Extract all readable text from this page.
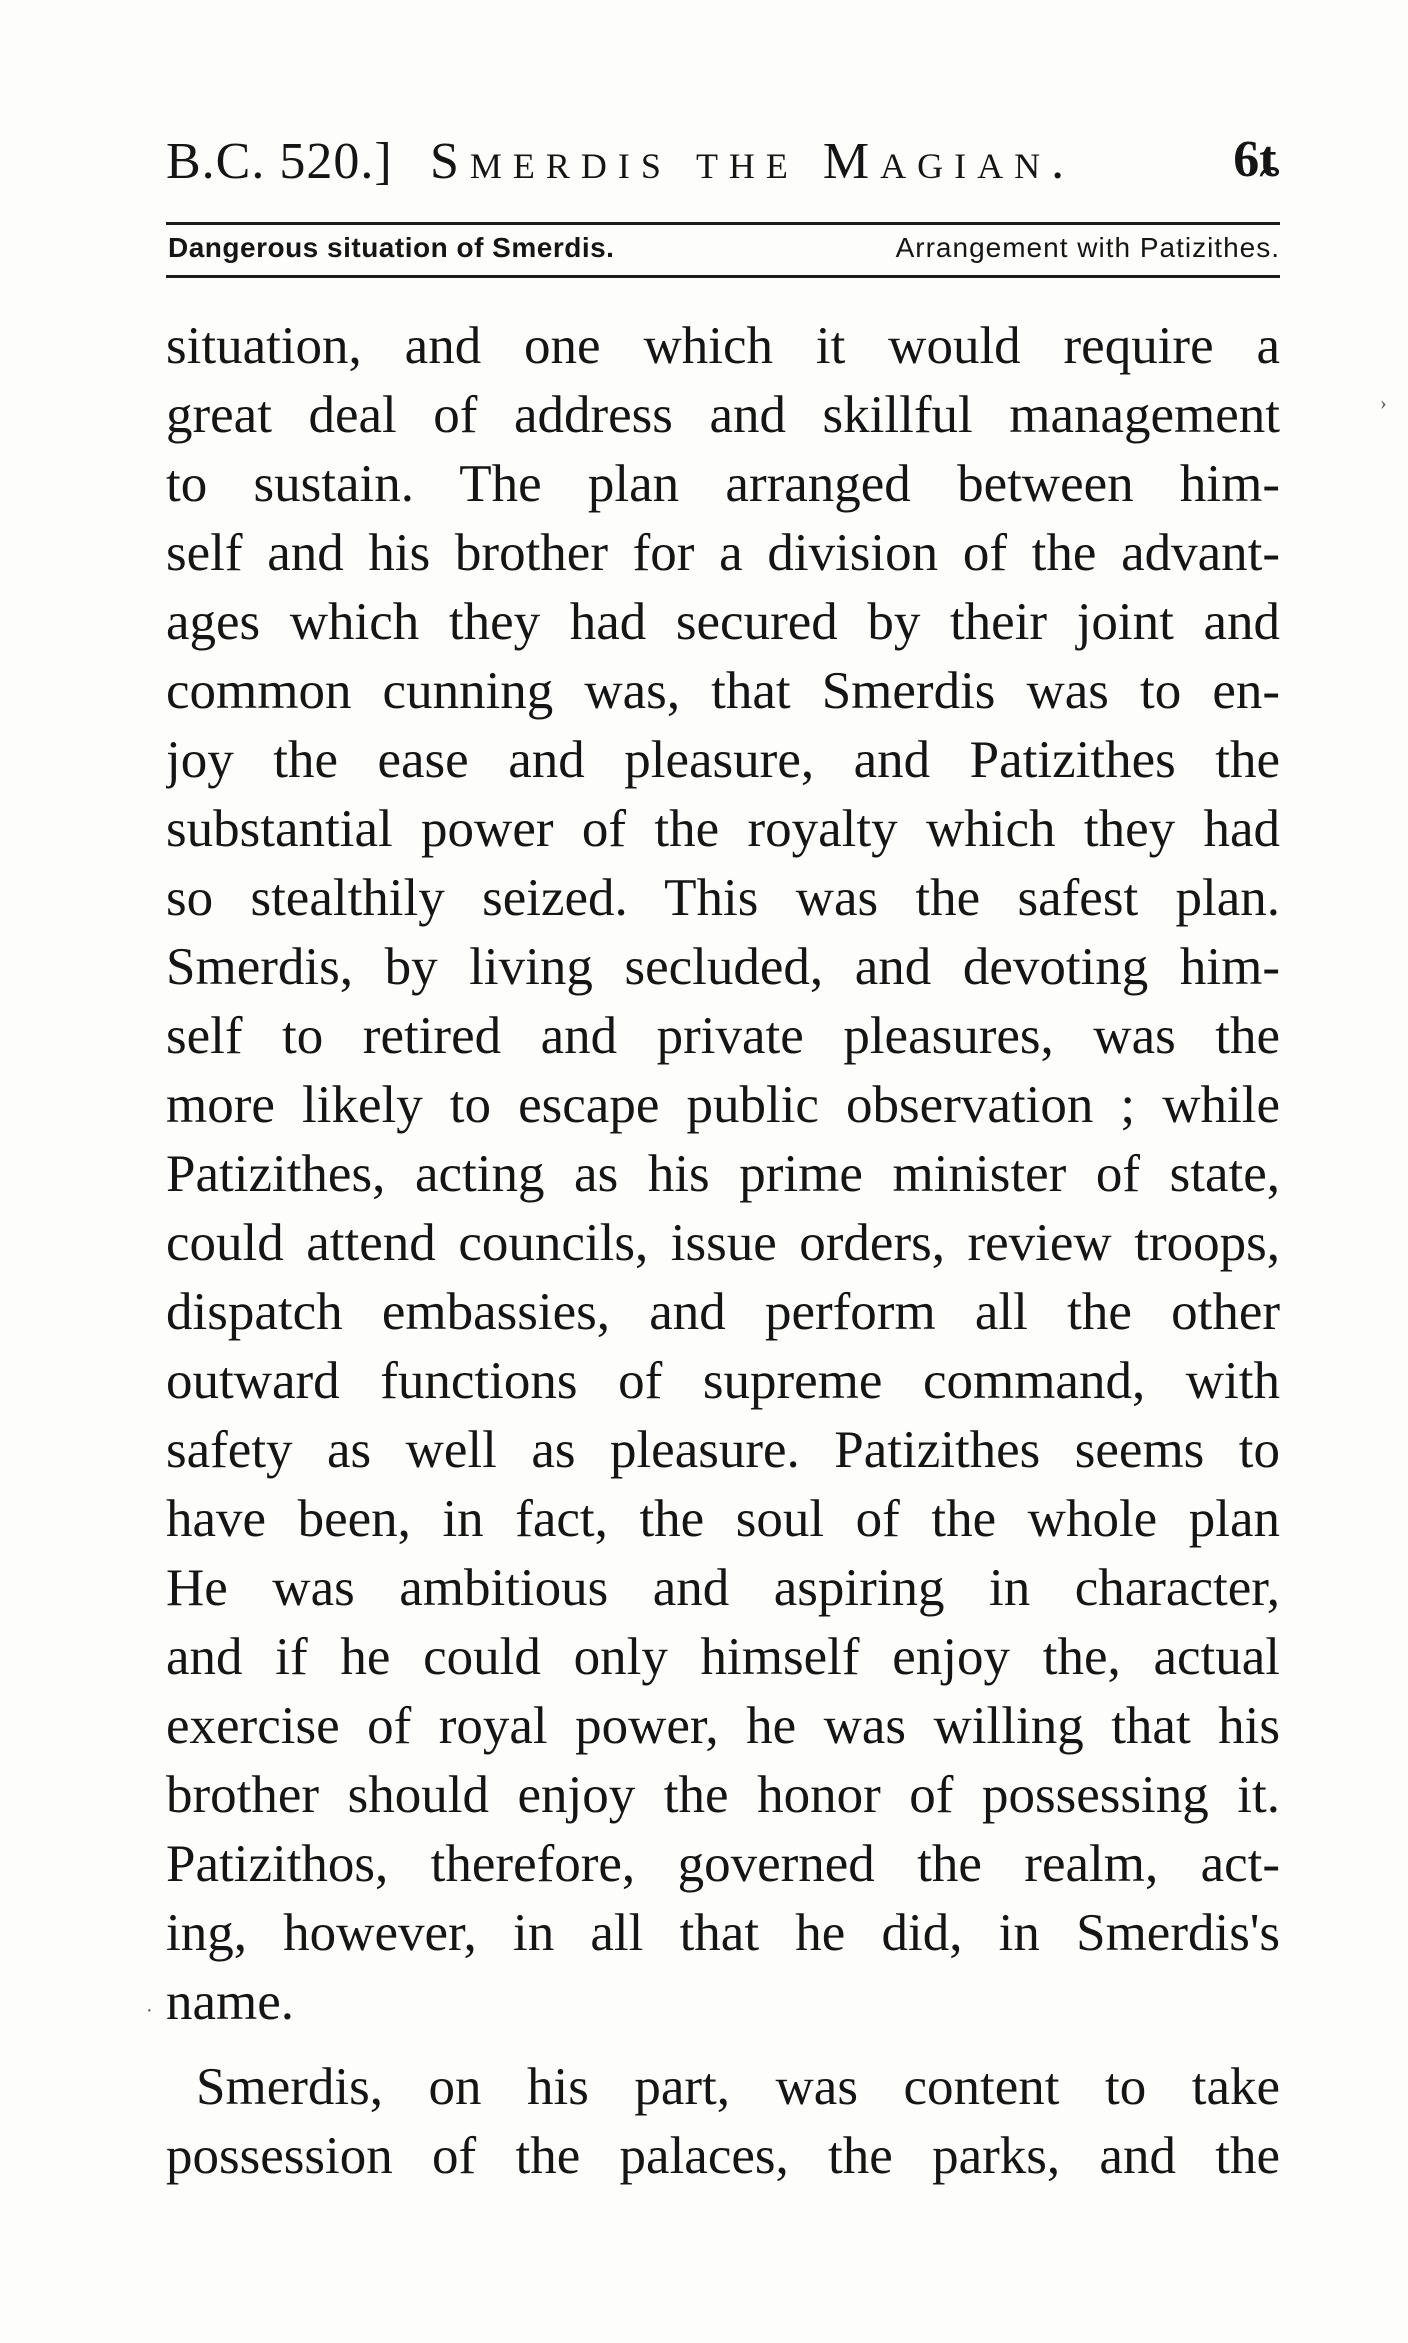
B.C. 520.] Smerdis the Magian.	6ȶ
Dangerous situation of Smerdis.	Arrangement with Patizithes.
situation, and one which it would require a
great deal of address and skillful management
to sustain. The plan arranged between him-
self and his brother for a division of the advant-
ages which they had secured by their joint and
common cunning was, that Smerdis was to en-
joy the ease and pleasure, and Patizithes the
substantial power of the royalty which they had
so stealthily seized. This was the safest plan.
Smerdis, by living secluded, and devoting him-
self to retired and private pleasures, was the
more likely to escape public observation ; while
Patizithes, acting as his prime minister of state,
could attend councils, issue orders, review troops,
dispatch embassies, and perform all the other
outward functions of supreme command, with
safety as well as pleasure. Patizithes seems to
have been, in fact, the soul of the whole plan
He was ambitious and aspiring in character,
and if he could only himself enjoy the, actual
exercise of royal power, he was willing that his
brother should enjoy the honor of possessing it.
Patizithos, therefore, governed the realm, act-
ing, however, in all that he did, in Smerdis's
name.
Smerdis, on his part, was content to take
possession of the palaces, the parks, and the
›
·
